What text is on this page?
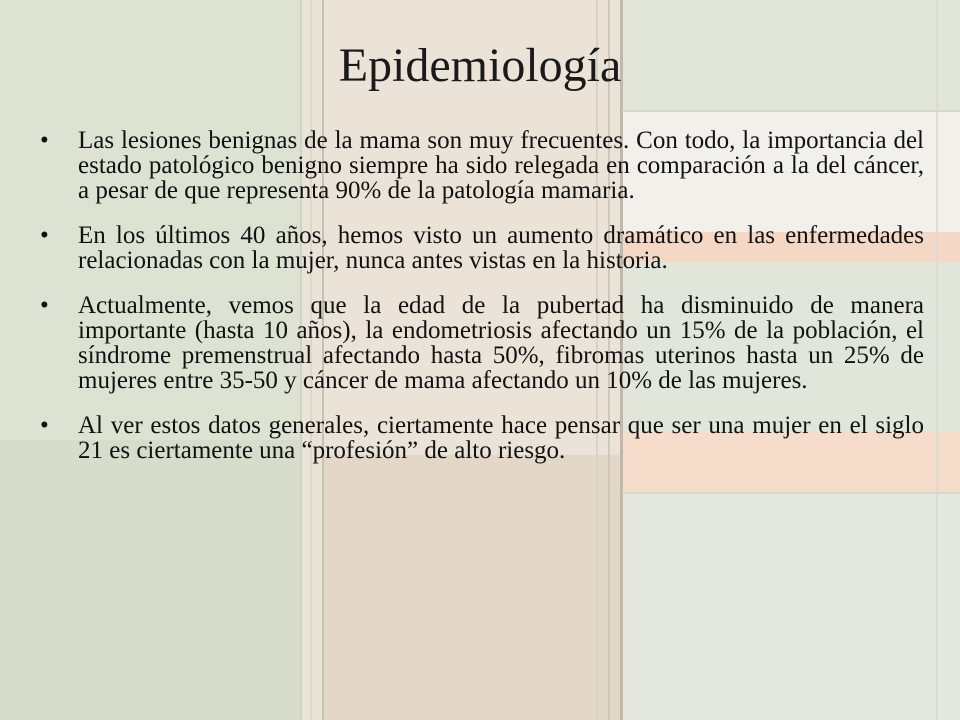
Epidemiología
• Las lesiones benignas de la mama son muy frecuentes. Con todo, la importancia del estado patológico benigno siempre ha sido relegada en comparación a la del cáncer, a pesar de que representa 90% de la patología mamaria.
• En los últimos 40 años, hemos visto un aumento dramático en las enfermedades relacionadas con la mujer, nunca antes vistas en la historia.
• Actualmente, vemos que la edad de la pubertad ha disminuido de manera importante (hasta 10 años), la endometriosis afectando un 15% de la población, el síndrome premenstrual afectando hasta 50%, fibromas uterinos hasta un 25% de mujeres entre 35-50 y cáncer de mama afectando un 10% de las mujeres.
• Al ver estos datos generales, ciertamente hace pensar que ser una mujer en el siglo 21 es ciertamente una “profesión” de alto riesgo.
